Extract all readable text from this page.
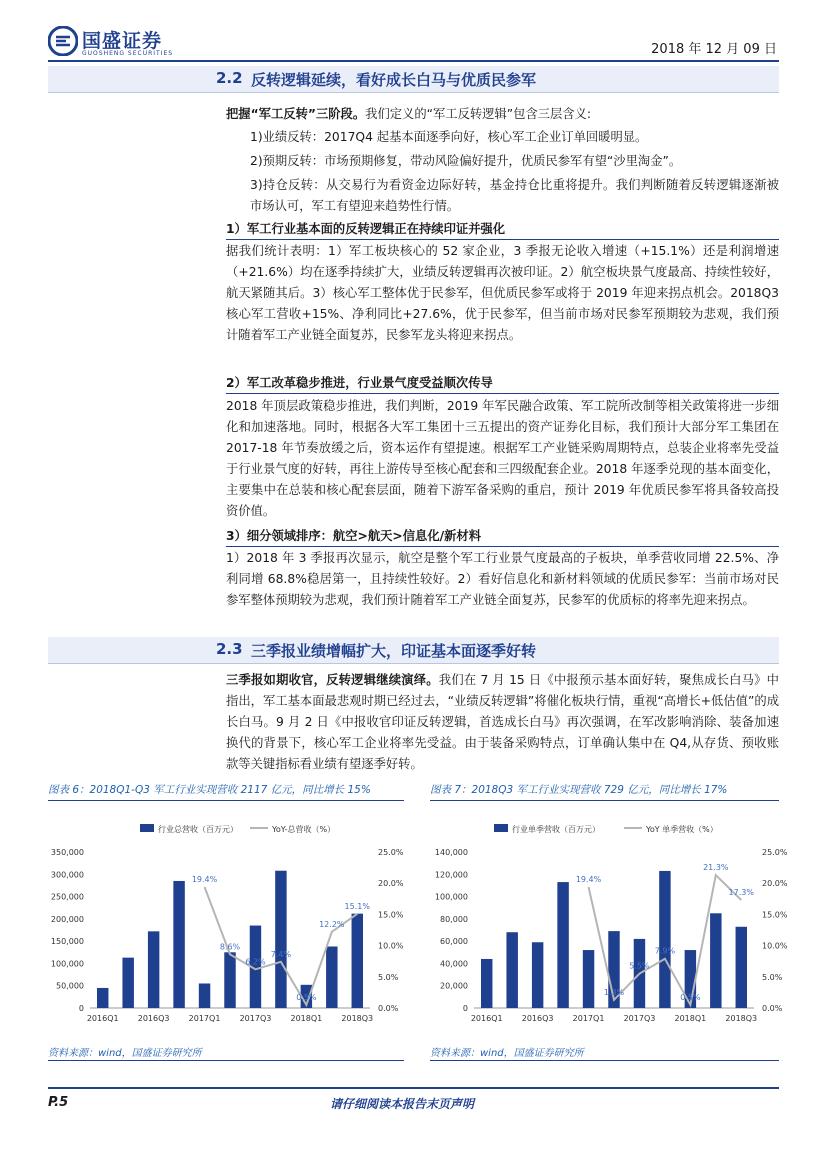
国盛证券
GUOSHENG SECURITIES	2018 年 12 月 09 日
2.2 反转逻辑延续，看好成长白马与优质民参军

把握“军工反转”三阶段。我们定义的“军工反转逻辑”包含三层含义:

1)业绩反转：2017Q4 起基本面逐季向好，核心军工企业订单回暖明显。

2)预期反转：市场预期修复，带动风险偏好提升，优质民参军有望“沙里淘金”。

3)持仓反转：从交易行为看资金边际好转，基金持仓比重将提升。我们判断随着反转逻辑逐渐被市场认可，军工有望迎来趋势性行情。

1）军工行业基本面的反转逻辑正在持续印证并强化

据我们统计表明：1）军工板块核心的 52 家企业，3 季报无论收入增速（+15.1%）还是利润增速（+21.6%）均在逐季持续扩大，业绩反转逻辑再次被印证。2）航空板块景气度最高、持续性较好，航天紧随其后。3）核心军工整体优于民参军，但优质民参军或将于 2019 年迎来拐点机会。2018Q3 核心军工营收+15%、净利同比+27.6%，优于民参军，但当前市场对民参军预期较为悲观，我们预计随着军工产业链全面复苏，民参军龙头将迎来拐点。

2）军工改革稳步推进，行业景气度受益顺次传导

2018 年顶层政策稳步推进，我们判断，2019 年军民融合政策、军工院所改制等相关政策将进一步细化和加速落地。同时，根据各大军工集团十三五提出的资产证券化目标，我们预计大部分军工集团在 2017-18 年节奏放缓之后，资本运作有望提速。根据军工产业链采购周期特点，总装企业将率先受益于行业景气度的好转，再往上游传导至核心配套和三四级配套企业。2018 年逐季兑现的基本面变化，主要集中在总装和核心配套层面，随着下游军备采购的重启，预计 2019 年优质民参军将具备较高投资价值。

3）细分领域排序：航空>航天>信息化/新材料

1）2018 年 3 季报再次显示，航空是整个军工行业景气度最高的子板块，单季营收同增 22.5%、净利同增 68.8%稳居第一，且持续性较好。2）看好信息化和新材料领域的优质民参军：当前市场对民参军整体预期较为悲观，我们预计随着军工产业链全面复苏，民参军的优质标的将率先迎来拐点。

2.3 三季报业绩增幅扩大，印证基本面逐季好转

三季报如期收官，反转逻辑继续演绎。我们在 7 月 15 日《中报预示基本面好转，聚焦成长白马》中指出，军工基本面最悲观时期已经过去，“业绩反转逻辑”将催化板块行情，重视“高增长+低估值”的成长白马。9 月 2 日《中报收官印证反转逻辑，首选成长白马》再次强调，在军改影响消除、装备加速换代的背景下，核心军工企业将率先受益。由于装备采购特点，订单确认集中在 Q4,从存货、预收账款等关键指标看业绩有望逐季好转。

图表 6：2018Q1-Q3 军工行业实现营收 2117 亿元，同比增长 15%	图表 7：2018Q3 军工行业实现营收 729 亿元，同比增长 17%
行业总营收（百万元）	YoY-总营收（%）
0
50,000
100,000
150,000
200,000
250,000
300,000
350,000
0.0%
5.0%
10.0%
15.0%
20.0%
25.0%
19.4%
8.6%
6.2%
7.4%
0.5%
12.2%
15.1%
2016Q1 2016Q3 2017Q1 2017Q3 2018Q1 2018Q3
行业单季营收（百万元）	YoY 单季营收（%）
0
20,000
40,000
60,000
80,000
100,000
120,000
140,000
0.0%
5.0%
10.0%
15.0%
20.0%
25.0%
19.4%
1.3%
5.5%
7.9%
0.5%
21.3%
17.3%
2016Q1 2016Q3 2017Q1 2017Q3 2018Q1 2018Q3
资料来源：wind，国盛证券研究所	资料来源：wind，国盛证券研究所
P.5	请仔细阅读本报告末页声明
